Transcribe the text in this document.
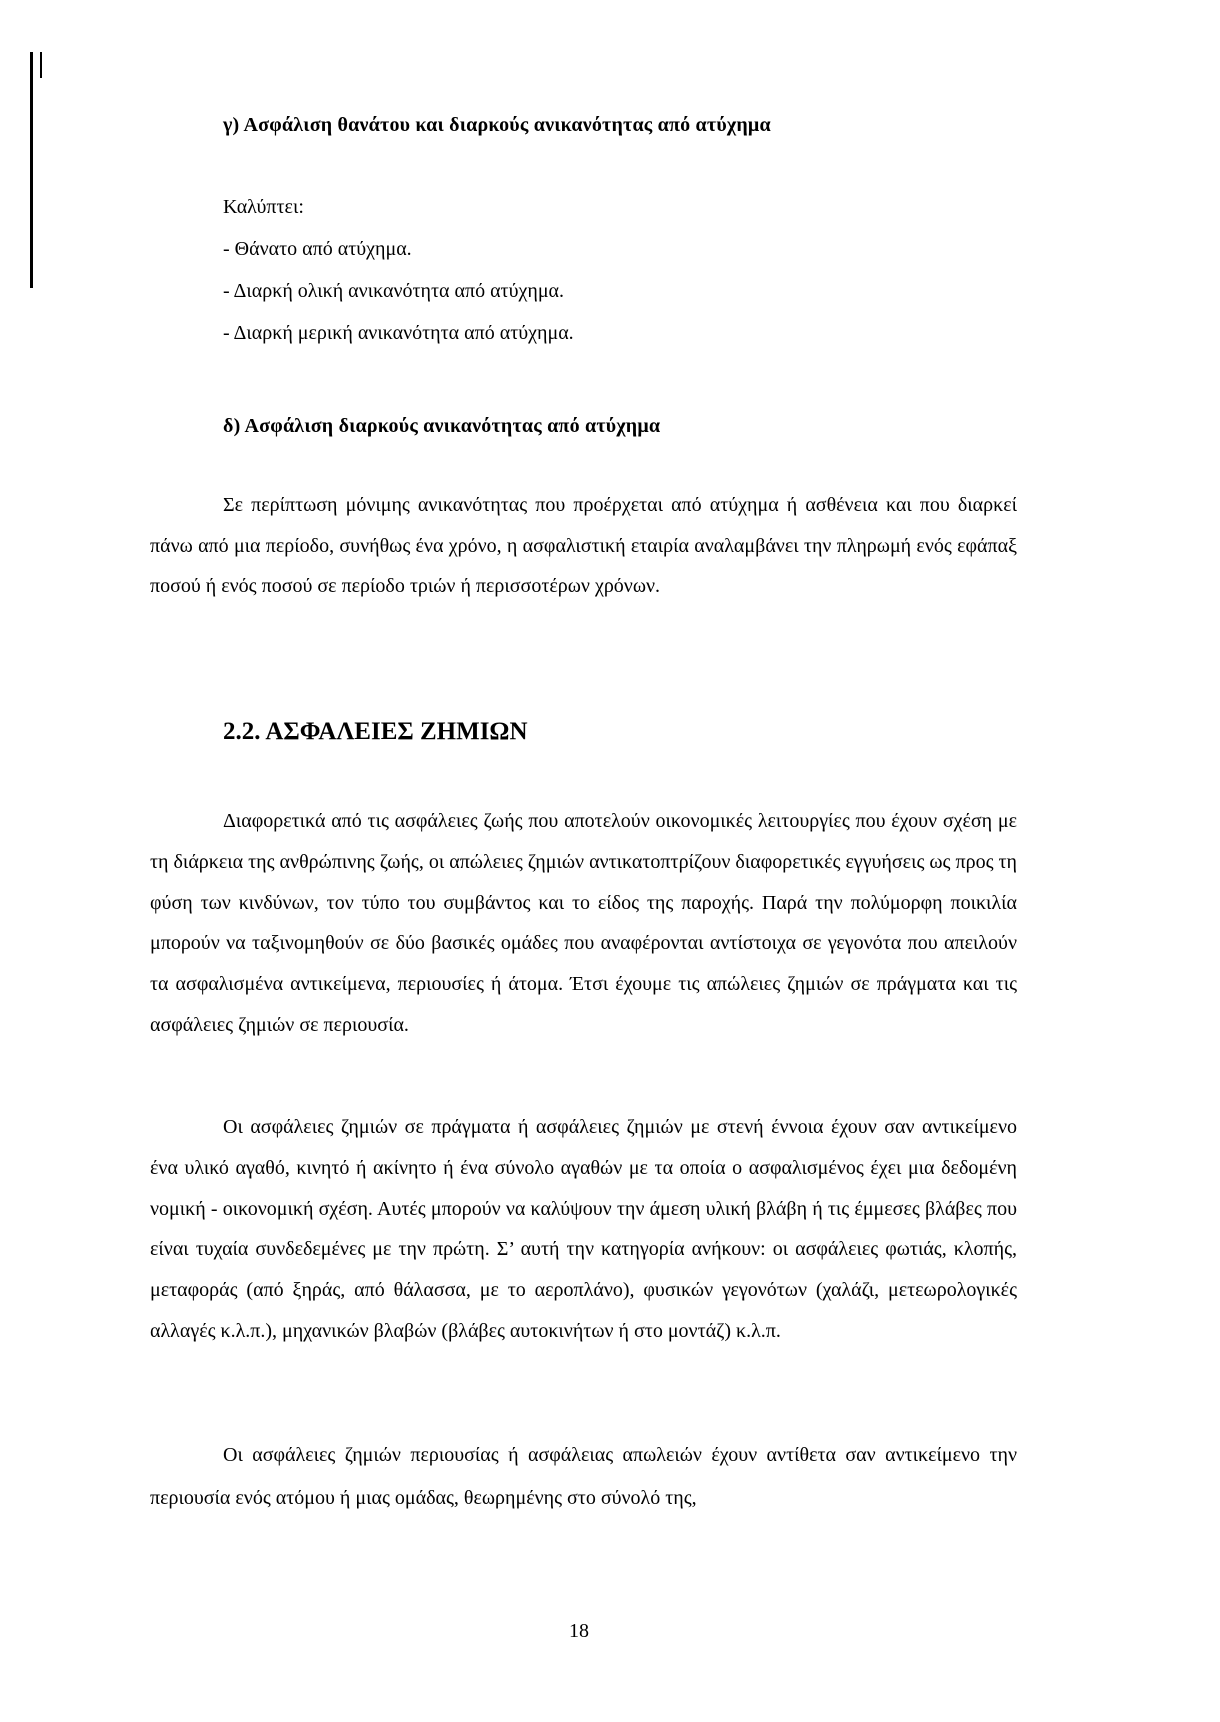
γ) Ασφάλιση θανάτου και διαρκούς ανικανότητας από ατύχημα
Καλύπτει:
- Θάνατο από ατύχημα.
- Διαρκή ολική ανικανότητα από ατύχημα.
- Διαρκή μερική ανικανότητα από ατύχημα.
δ) Ασφάλιση διαρκούς ανικανότητας από ατύχημα

Σε περίπτωση μόνιμης ανικανότητας που προέρχεται από ατύχημα ή ασθένεια και που διαρκεί πάνω από μια περίοδο, συνήθως ένα χρόνο, η ασφαλιστική εταιρία αναλαμβάνει την πληρωμή ενός εφάπαξ ποσού ή ενός ποσού σε περίοδο τριών ή περισσοτέρων χρόνων.

2.2. ΑΣΦΑΛΕΙΕΣ ΖΗΜΙΩΝ

Διαφορετικά από τις ασφάλειες ζωής που αποτελούν οικονομικές λειτουργίες που έχουν σχέση με τη διάρκεια της ανθρώπινης ζωής, οι απώλειες ζημιών αντικατοπτρίζουν διαφορετικές εγγυήσεις ως προς τη φύση των κινδύνων, τον τύπο του συμβάντος και το είδος της παροχής. Παρά την πολύμορφη ποικιλία μπορούν να ταξινομηθούν σε δύο βασικές ομάδες που αναφέρονται αντίστοιχα σε γεγονότα που απειλούν τα ασφαλισμένα αντικείμενα, περιουσίες ή άτομα. Έτσι έχουμε τις απώλειες ζημιών σε πράγματα και τις ασφάλειες ζημιών σε περιουσία.

Οι ασφάλειες ζημιών σε πράγματα ή ασφάλειες ζημιών με στενή έννοια έχουν σαν αντικείμενο ένα υλικό αγαθό, κινητό ή ακίνητο ή ένα σύνολο αγαθών με τα οποία ο ασφαλισμένος έχει μια δεδομένη νομική - οικονομική σχέση. Αυτές μπορούν να καλύψουν την άμεση υλική βλάβη ή τις έμμεσες βλάβες που είναι τυχαία συνδεδεμένες με την πρώτη. Σ’ αυτή την κατηγορία ανήκουν: οι ασφάλειες φωτιάς, κλοπής, μεταφοράς (από ξηράς, από θάλασσα, με το αεροπλάνο), φυσικών γεγονότων (χαλάζι, μετεωρολογικές αλλαγές κ.λ.π.), μηχανικών βλαβών (βλάβες αυτοκινήτων ή στο μοντάζ) κ.λ.π.

Οι ασφάλειες ζημιών περιουσίας ή ασφάλειας απωλειών έχουν αντίθετα σαν αντικείμενο την περιουσία ενός ατόμου ή μιας ομάδας, θεωρημένης στο σύνολό της,

18
